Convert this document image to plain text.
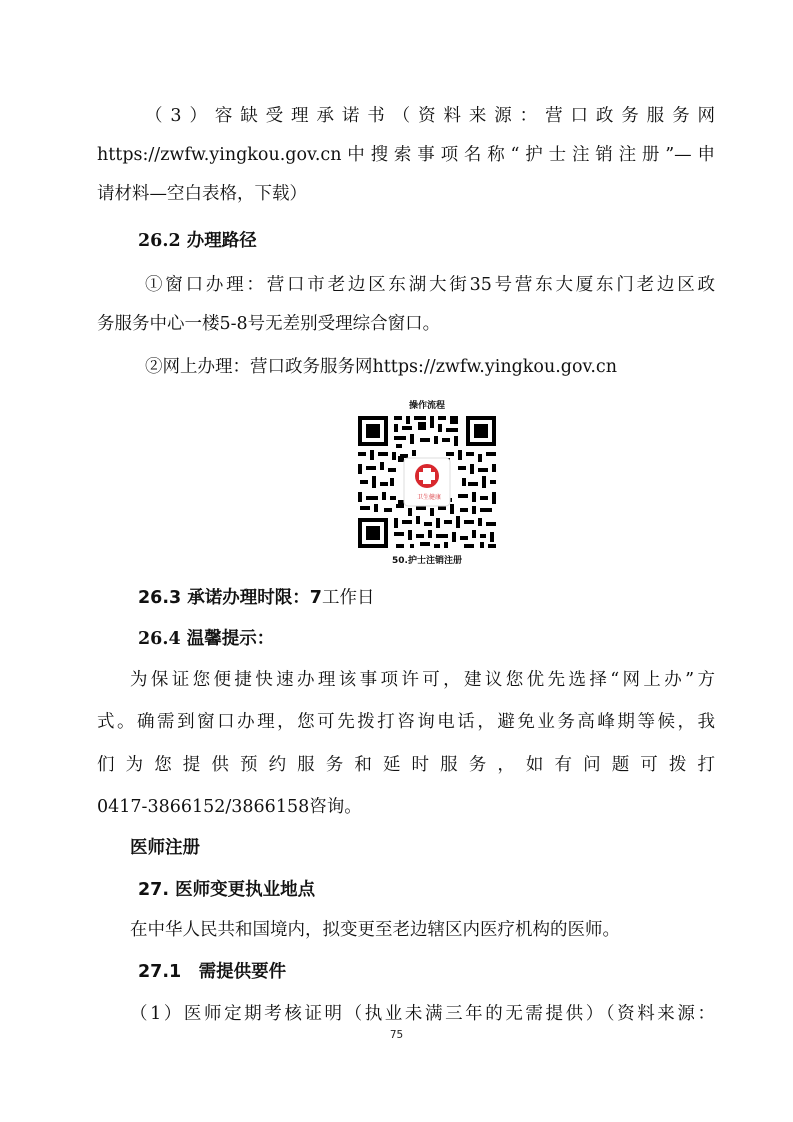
（3）容缺受理承诺书（资料来源：营口政务服务网
https://zwfw.yingkou.gov.cn中搜索事项名称“护士注销注册”—申
请材料—空白表格，下载）
26.2 办理路径
①窗口办理：营口市老边区东湖大街35号营东大厦东门老边区政
务服务中心一楼5-8号无差别受理综合窗口。
②网上办理：营口政务服务网https://zwfw.yingkou.gov.cn
操作流程
卫生健康
50.护士注销注册
26.3 承诺办理时限：7工作日
26.4 温馨提示：
为保证您便捷快速办理该事项许可，建议您优先选择“网上办”方
式。确需到窗口办理，您可先拨打咨询电话，避免业务高峰期等候，我
们为您提供预约服务和延时服务，如有问题可拨打
0417-3866152/3866158咨询。
医师注册
27. 医师变更执业地点
在中华人民共和国境内，拟变更至老边辖区内医疗机构的医师。
27.1　需提供要件
（1）医师定期考核证明（执业未满三年的无需提供）（资料来源：
75
